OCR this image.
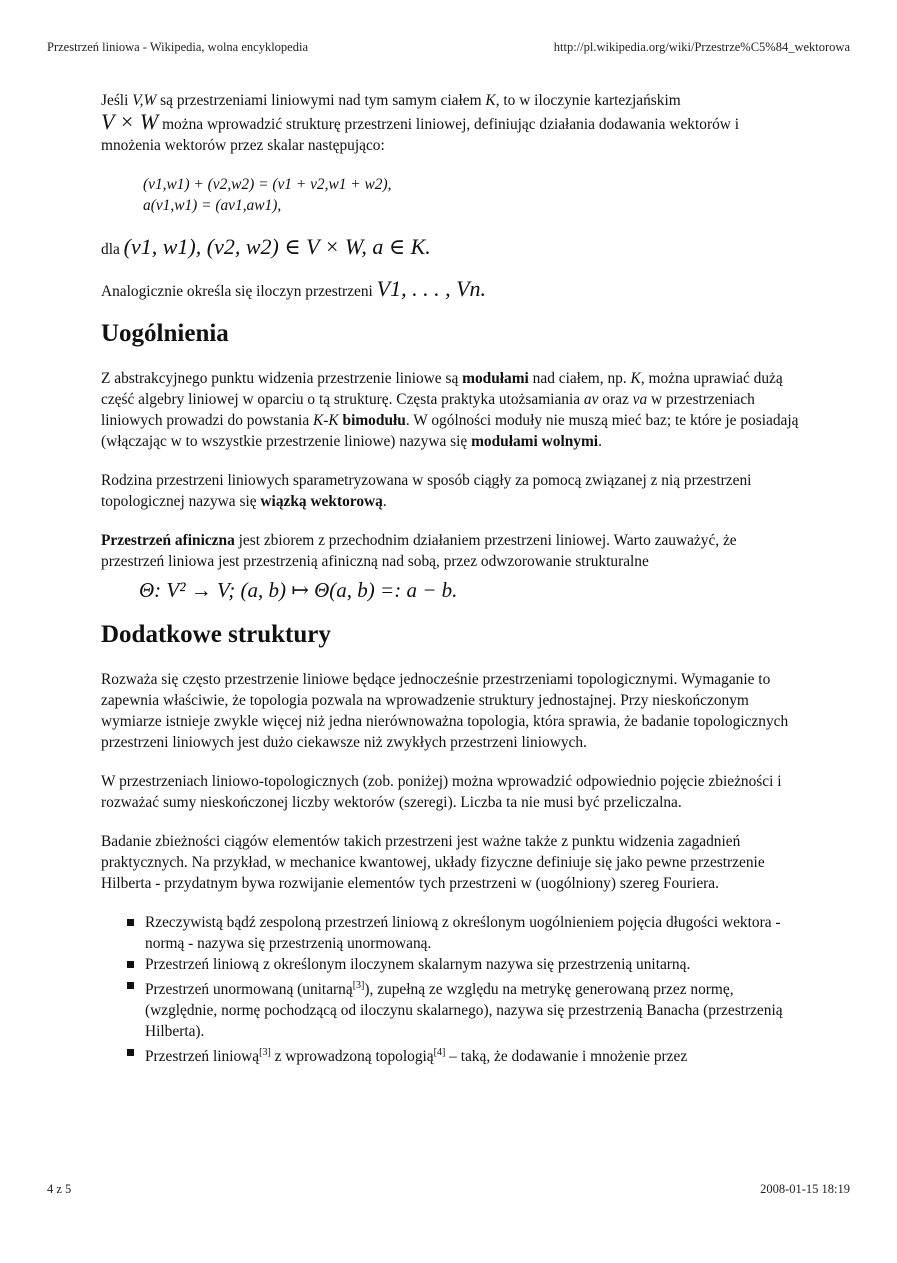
Przestrzeń liniowa - Wikipedia, wolna encyklopedia	http://pl.wikipedia.org/wiki/Przestrze%C5%84_wektorowa

Jeśli V,W są przestrzeniami liniowymi nad tym samym ciałem K, to w iloczynie kartezjańskim
V × W można wprowadzić strukturę przestrzeni liniowej, definiując działania dodawania wektorów i mnożenia wektorów przez skalar następująco:

(v1,w1) + (v2,w2) = (v1 + v2,w1 + w2),
a(v1,w1) = (av1,aw1),

dla (v1, w1), (v2, w2) ∈ V × W, a ∈ K.

Analogicznie określa się iloczyn przestrzeni V1, . . . , Vn.

Uogólnienia

Z abstrakcyjnego punktu widzenia przestrzenie liniowe są modułami nad ciałem, np. K, można uprawiać dużą część algebry liniowej w oparciu o tą strukturę. Częsta praktyka utożsamiania av oraz va w przestrzeniach liniowych prowadzi do powstania K-K bimodułu. W ogólności moduły nie muszą mieć baz; te które je posiadają (włączając w to wszystkie przestrzenie liniowe) nazywa się modułami wolnymi.

Rodzina przestrzeni liniowych sparametryzowana w sposób ciągły za pomocą związanej z nią przestrzeni topologicznej nazywa się wiązką wektorową.

Przestrzeń afiniczna jest zbiorem z przechodnim działaniem przestrzeni liniowej. Warto zauważyć, że przestrzeń liniowa jest przestrzenią afiniczną nad sobą, przez odwzorowanie strukturalne

Θ: V² → V; (a, b) ↦ Θ(a, b) =: a − b.
Dodatkowe struktury

Rozważa się często przestrzenie liniowe będące jednocześnie przestrzeniami topologicznymi. Wymaganie to zapewnia właściwie, że topologia pozwala na wprowadzenie struktury jednostajnej. Przy nieskończonym wymiarze istnieje zwykle więcej niż jedna nierównoważna topologia, która sprawia, że badanie topologicznych przestrzeni liniowych jest dużo ciekawsze niż zwykłych przestrzeni liniowych.

W przestrzeniach liniowo-topologicznych (zob. poniżej) można wprowadzić odpowiednio pojęcie zbieżności i rozważać sumy nieskończonej liczby wektorów (szeregi). Liczba ta nie musi być przeliczalna.

Badanie zbieżności ciągów elementów takich przestrzeni jest ważne także z punktu widzenia zagadnień praktycznych. Na przykład, w mechanice kwantowej, układy fizyczne definiuje się jako pewne przestrzenie Hilberta - przydatnym bywa rozwijanie elementów tych przestrzeni w (uogólniony) szereg Fouriera.

Rzeczywistą bądź zespoloną przestrzeń liniową z określonym uogólnieniem pojęcia długości wektora - normą - nazywa się przestrzenią unormowaną.
Przestrzeń liniową z określonym iloczynem skalarnym nazywa się przestrzenią unitarną.
Przestrzeń unormowaną (unitarną[3]), zupełną ze względu na metrykę generowaną przez normę, (względnie, normę pochodzącą od iloczynu skalarnego), nazywa się przestrzenią Banacha (przestrzenią Hilberta).
Przestrzeń liniową[3] z wprowadzoną topologią[4] – taką, że dodawanie i mnożenie przez
4 z 5	2008-01-15 18:19
